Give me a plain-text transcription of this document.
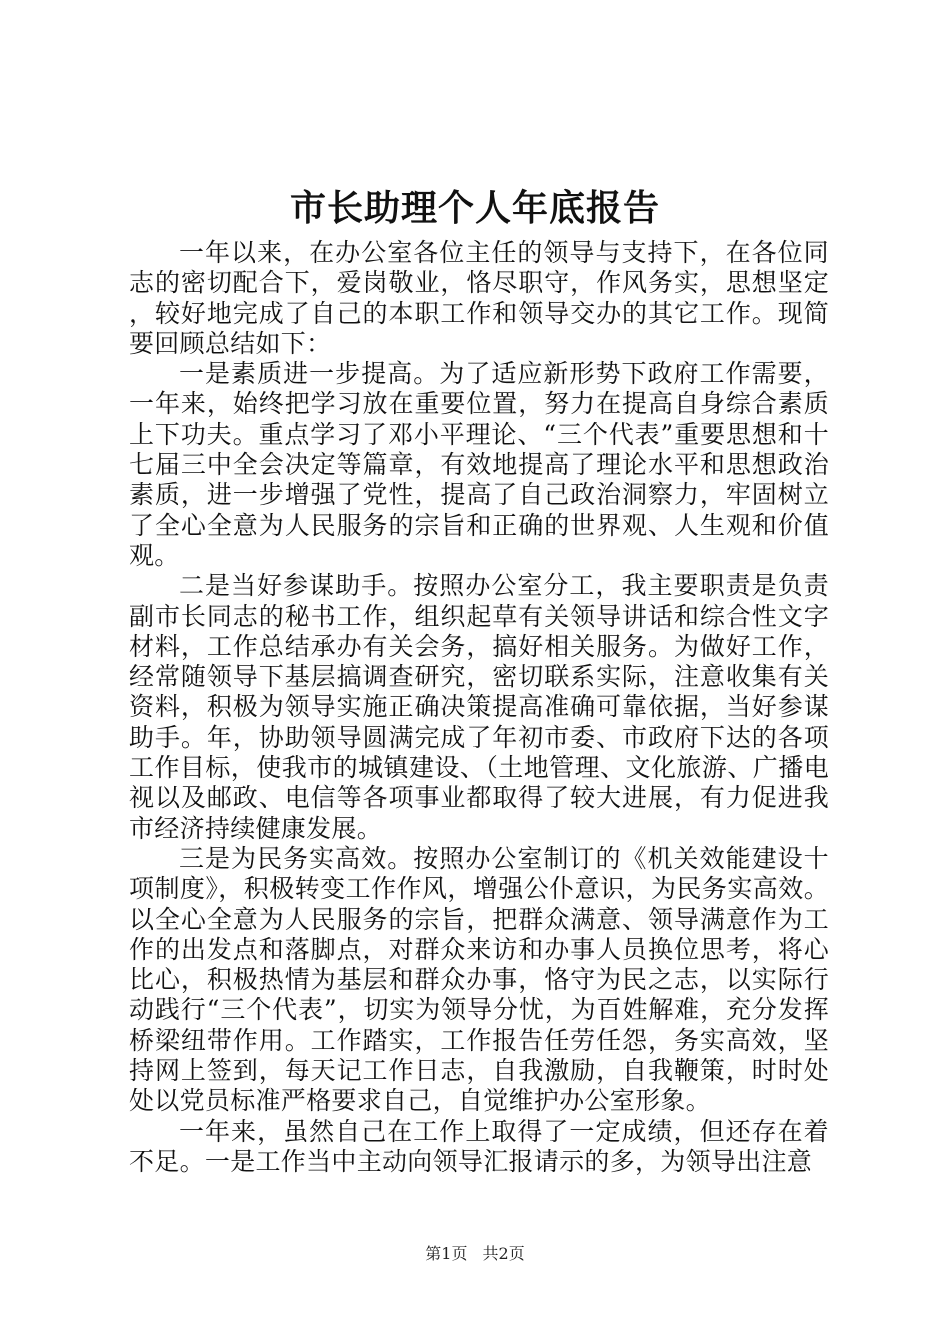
市长助理个人年底报告

一年以来，在办公室各位主任的领导与支持下，在各位同志的密切配合下，爱岗敬业，恪尽职守，作风务实，思想坚定，较好地完成了自己的本职工作和领导交办的其它工作。现简要回顾总结如下：

一是素质进一步提高。为了适应新形势下政府工作需要，一年来，始终把学习放在重要位置，努力在提高自身综合素质上下功夫。重点学习了邓小平理论、“三个代表”重要思想和十七届三中全会决定等篇章，有效地提高了理论水平和思想政治素质，进一步增强了党性，提高了自己政治洞察力，牢固树立了全心全意为人民服务的宗旨和正确的世界观、人生观和价值观。

二是当好参谋助手。按照办公室分工，我主要职责是负责副市长同志的秘书工作，组织起草有关领导讲话和综合性文字材料，工作总结承办有关会务，搞好相关服务。为做好工作，经常随领导下基层搞调查研究，密切联系实际，注意收集有关资料，积极为领导实施正确决策提高准确可靠依据，当好参谋助手。年，协助领导圆满完成了年初市委、市政府下达的各项工作目标，使我市的城镇建设、（土地管理、文化旅游、广播电视以及邮政、电信等各项事业都取得了较大进展，有力促进我市经济持续健康发展。

三是为民务实高效。按照办公室制订的《机关效能建设十项制度》，积极转变工作作风，增强公仆意识，为民务实高效。以全心全意为人民服务的宗旨，把群众满意、领导满意作为工作的出发点和落脚点，对群众来访和办事人员换位思考，将心比心，积极热情为基层和群众办事，恪守为民之志，以实际行动践行“三个代表”，切实为领导分忧，为百姓解难，充分发挥桥梁纽带作用。工作踏实，工作报告任劳任怨，务实高效，坚持网上签到，每天记工作日志，自我激励，自我鞭策，时时处处以党员标准严格要求自己，自觉维护办公室形象。

一年来，虽然自己在工作上取得了一定成绩，但还存在着不足。一是工作当中主动向领导汇报请示的多，为领导出注意

第1页 共2页
